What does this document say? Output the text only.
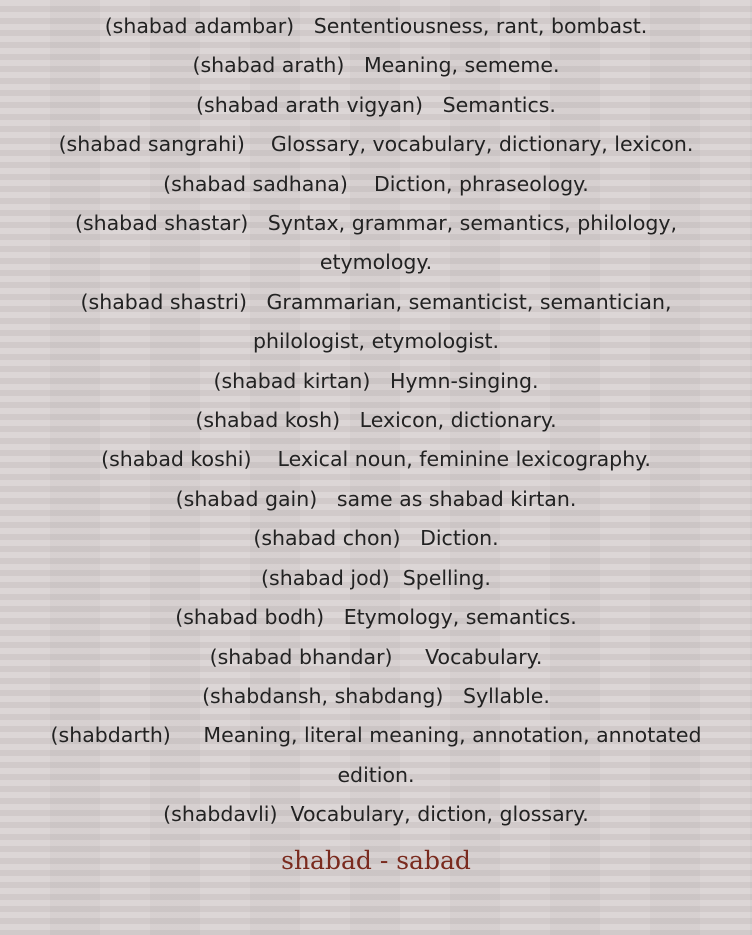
(shabad adambar) Sententiousness, rant, bombast.
(shabad arath) Meaning, sememe.
(shabad arath vigyan) Semantics.
(shabad sangrahi) Glossary, vocabulary, dictionary, lexicon.
(shabad sadhana) Diction, phraseology.
(shabad shastar) Syntax, grammar, semantics, philology, etymology.
(shabad shastri) Grammarian, semanticist, semantician, philologist, etymologist.
(shabad kirtan) Hymn-singing.
(shabad kosh) Lexicon, dictionary.
(shabad koshi) Lexical noun, feminine lexicography.
(shabad gain) same as shabad kirtan.
(shabad chon) Diction.
(shabad jod) Spelling.
(shabad bodh) Etymology, semantics.
(shabad bhandar) Vocabulary.
(shabdansh, shabdang) Syllable.
(shabdarth) Meaning, literal meaning, annotation, annotated edition.
(shabdavli) Vocabulary, diction, glossary.
shabad - sabad
